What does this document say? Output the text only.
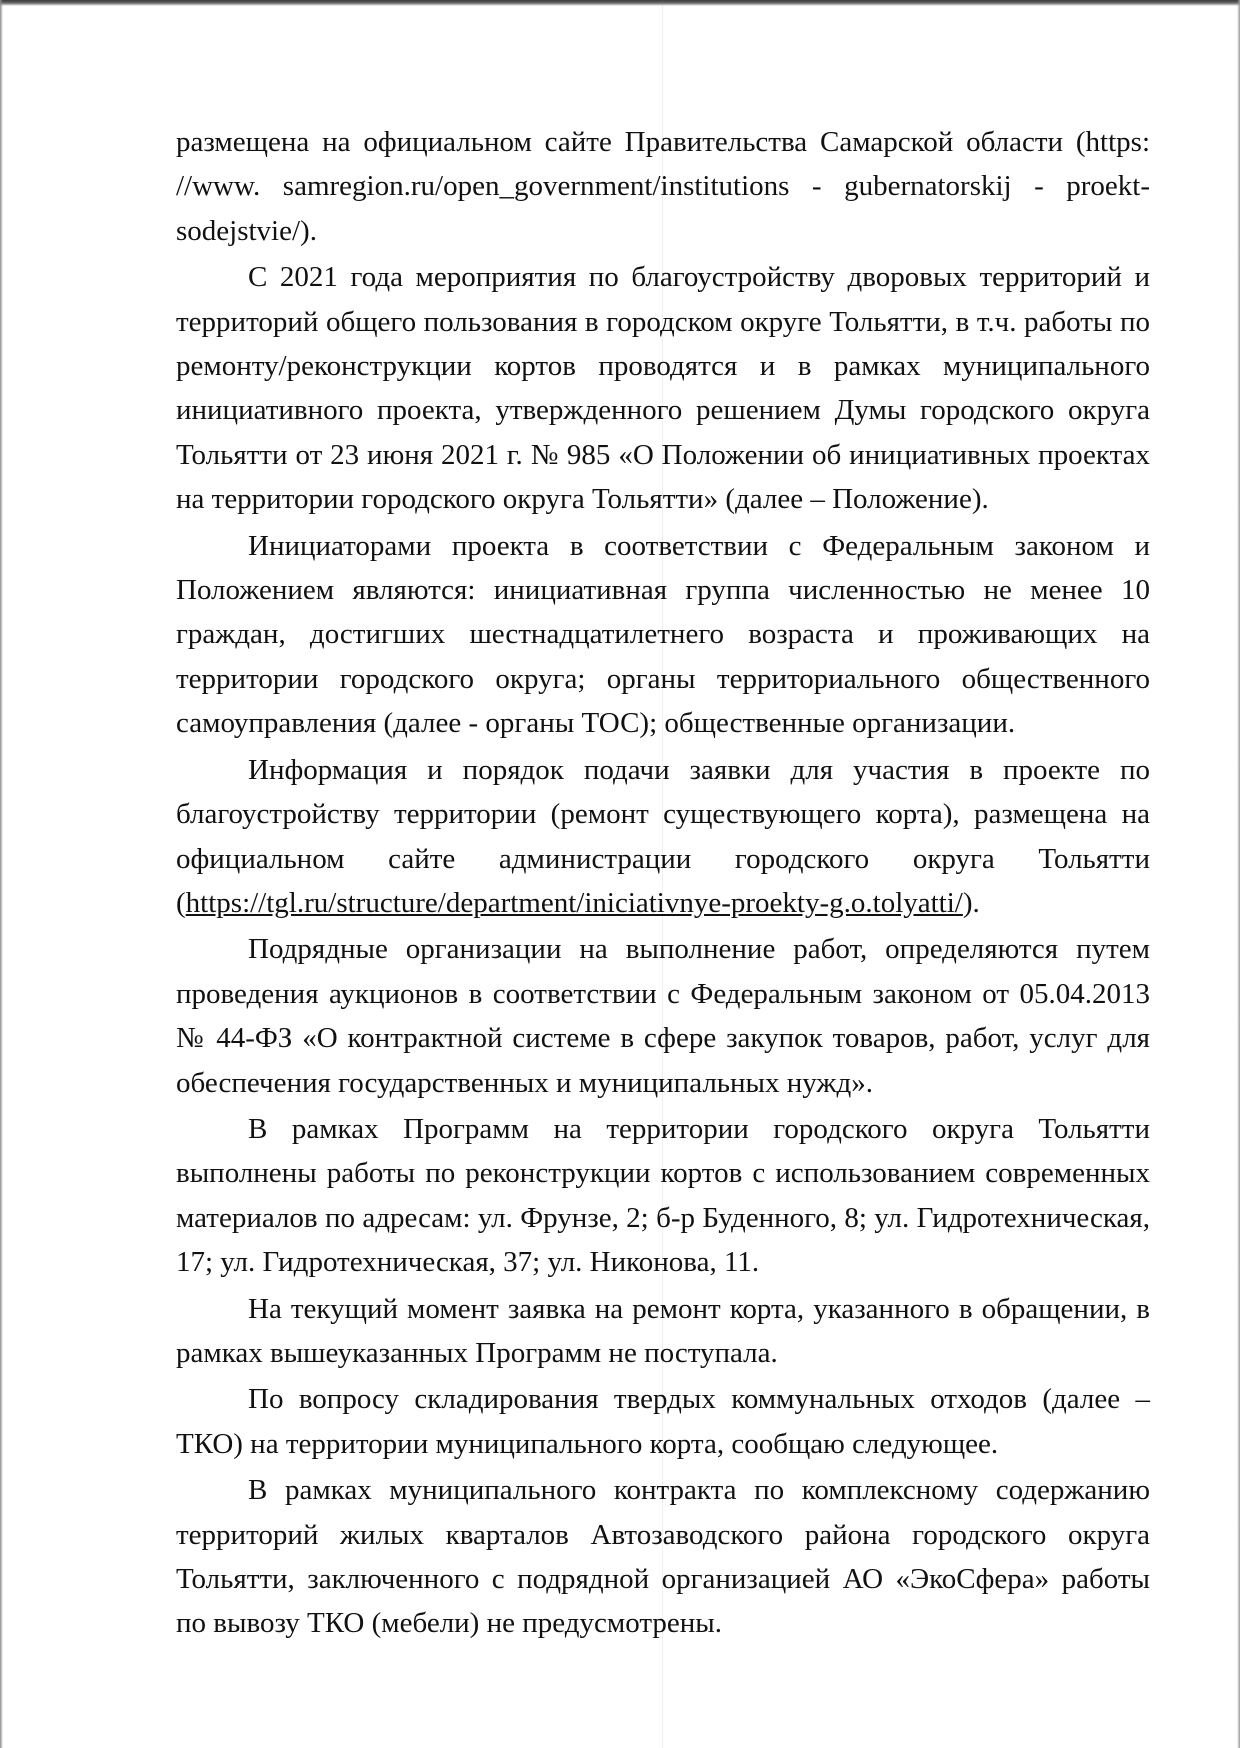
размещена на официальном сайте Правительства Самарской области (https: //www. samregion.ru/open_government/institutions - gubernatorskij - proekt-sodejstvie/).

С 2021 года мероприятия по благоустройству дворовых территорий и территорий общего пользования в городском округе Тольятти, в т.ч. работы по ремонту/реконструкции кортов проводятся и в рамках муниципального инициативного проекта, утвержденного решением Думы городского округа Тольятти от 23 июня 2021 г. № 985 «О Положении об инициативных проектах на территории городского округа Тольятти» (далее – Положение).

Инициаторами проекта в соответствии с Федеральным законом и Положением являются: инициативная группа численностью не менее 10 граждан, достигших шестнадцатилетнего возраста и проживающих на территории городского округа; органы территориального общественного самоуправления (далее - органы ТОС); общественные организации.

Информация и порядок подачи заявки для участия в проекте по благоустройству территории (ремонт существующего корта), размещена на официальном сайте администрации городского округа Тольятти (https://tgl.ru/structure/department/iniciativnye-proekty-g.o.tolyatti/).

Подрядные организации на выполнение работ, определяются путем проведения аукционов в соответствии с Федеральным законом от 05.04.2013 № 44-ФЗ «О контрактной системе в сфере закупок товаров, работ, услуг для обеспечения государственных и муниципальных нужд».

В рамках Программ на территории городского округа Тольятти выполнены работы по реконструкции кортов с использованием современных материалов по адресам: ул. Фрунзе, 2; б-р Буденного, 8; ул. Гидротехническая, 17; ул. Гидротехническая, 37; ул. Никонова, 11.

На текущий момент заявка на ремонт корта, указанного в обращении, в рамках вышеуказанных Программ не поступала.

По вопросу складирования твердых коммунальных отходов (далее – ТКО) на территории муниципального корта, сообщаю следующее.

В рамках муниципального контракта по комплексному содержанию территорий жилых кварталов Автозаводского района городского округа Тольятти, заключенного с подрядной организацией АО «ЭкоСфера» работы по вывозу ТКО (мебели) не предусмотрены.
